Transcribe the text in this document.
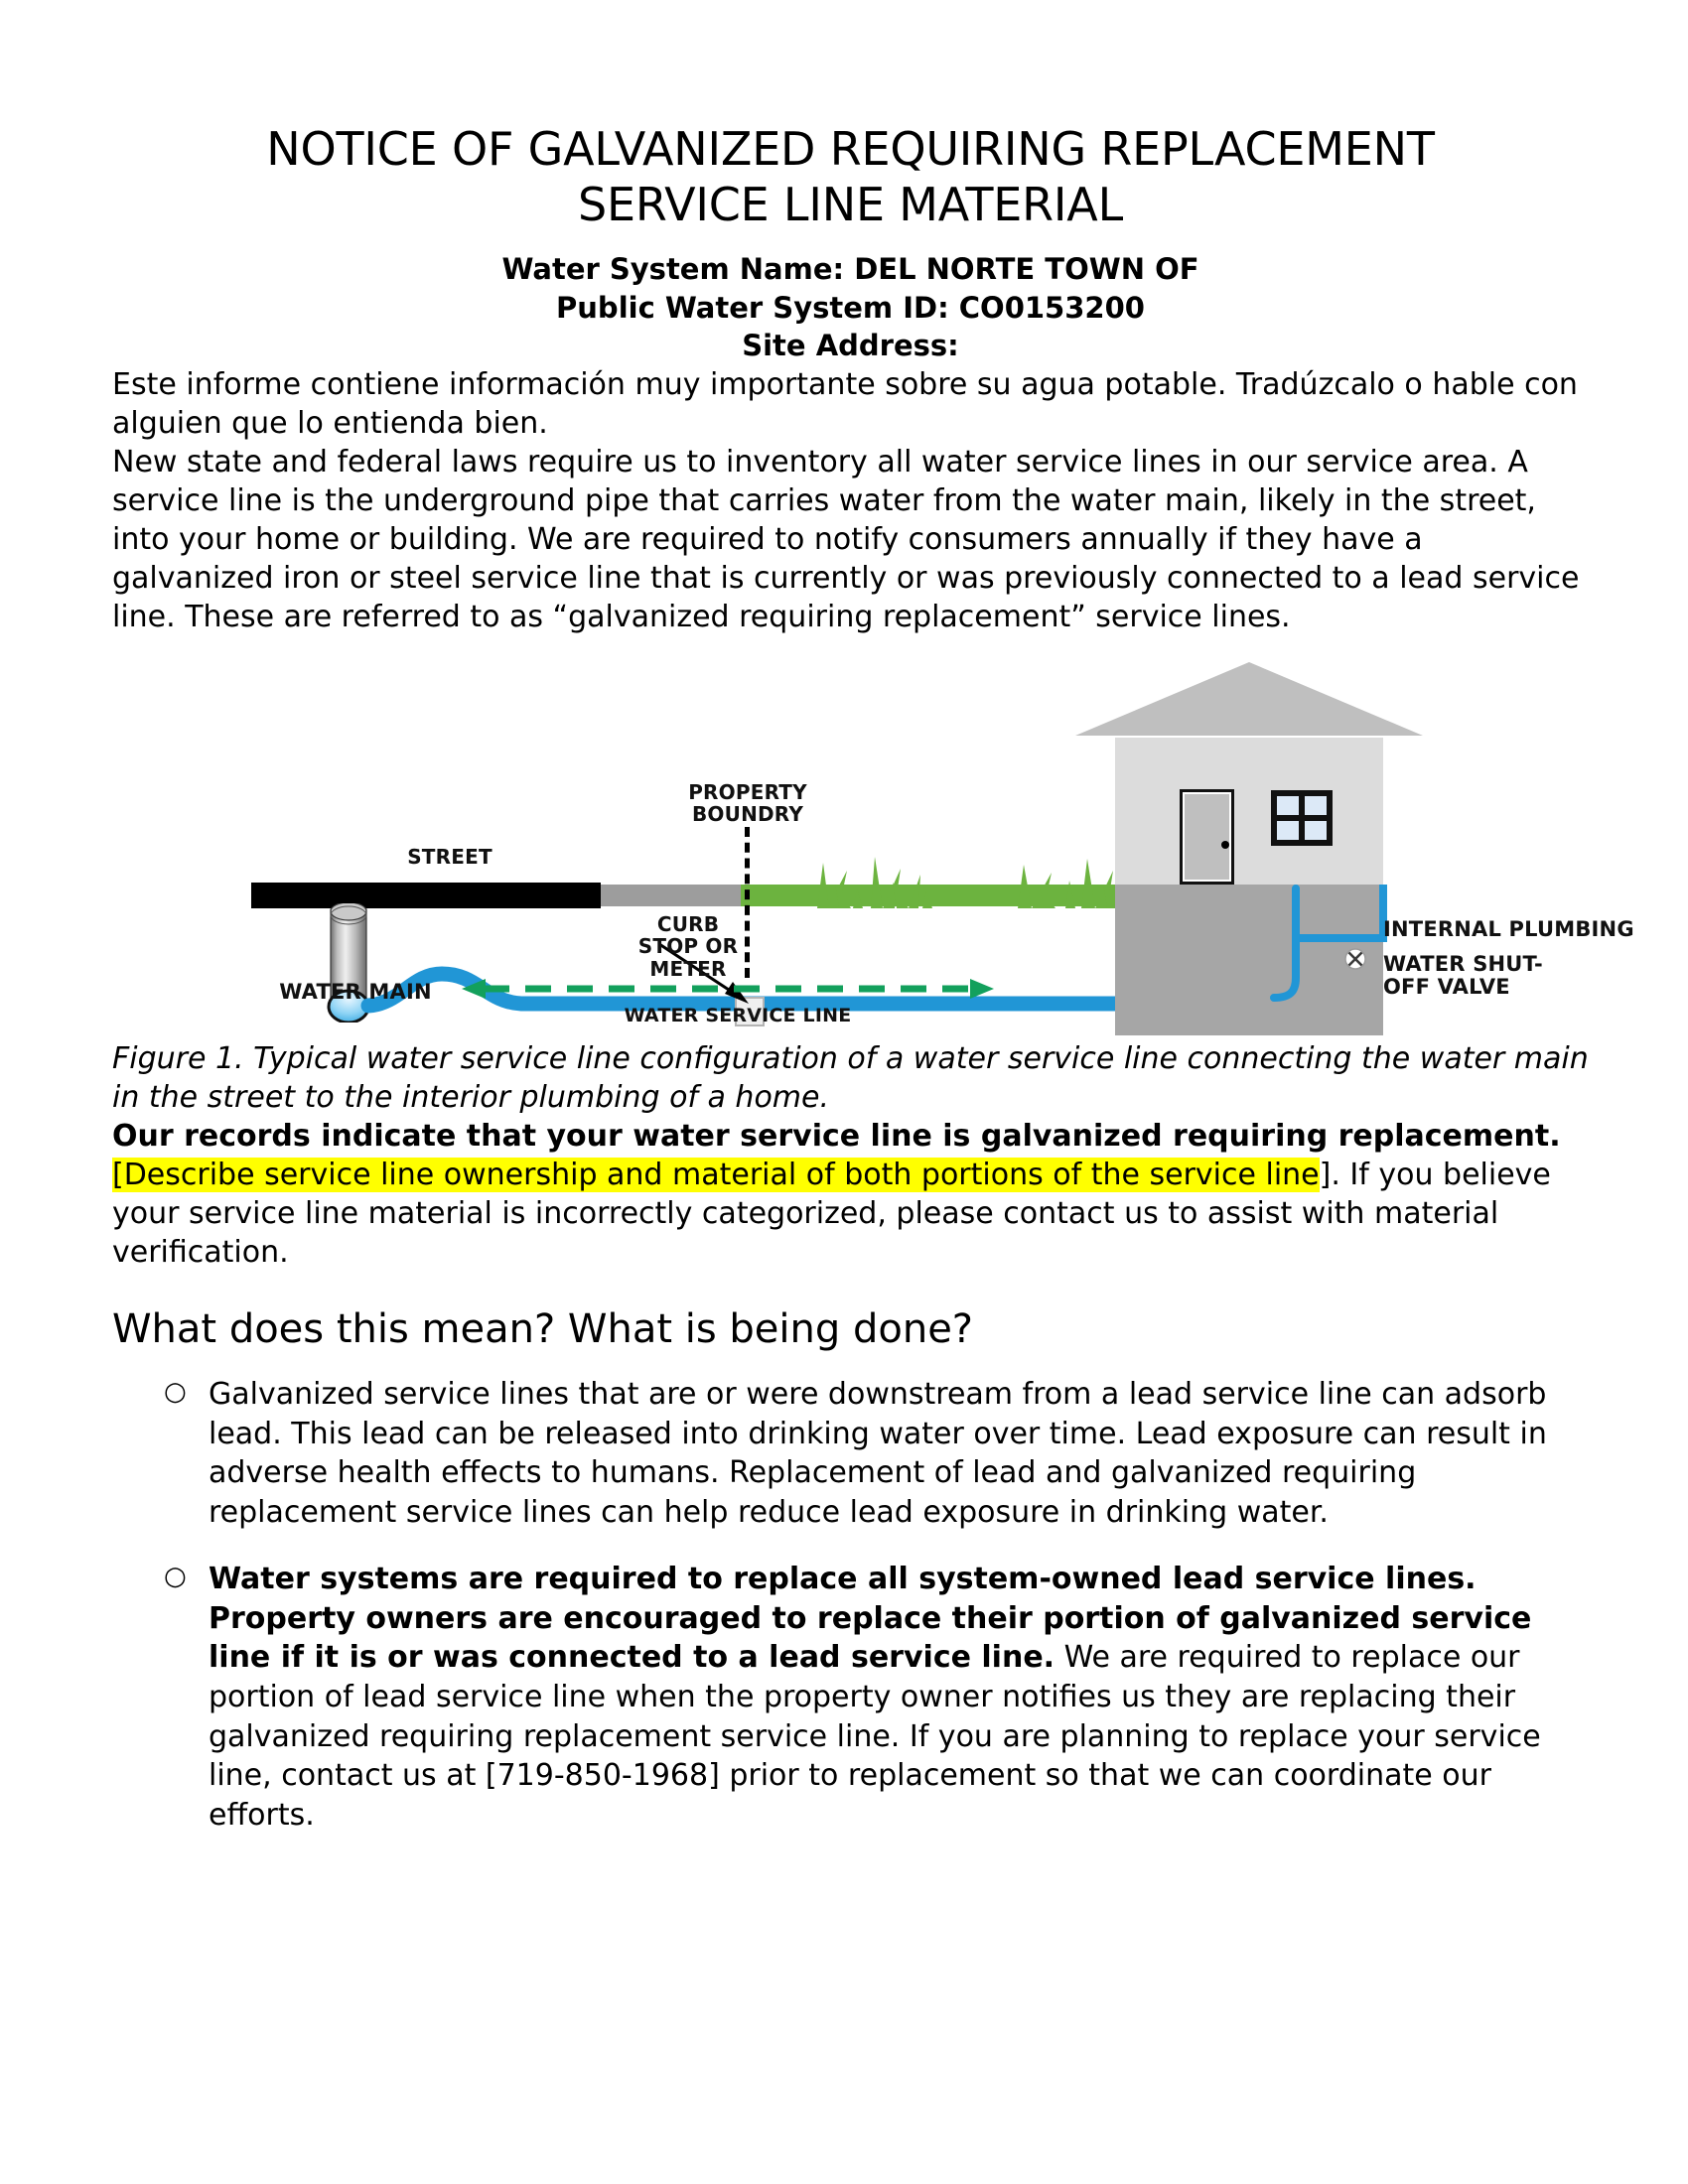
NOTICE OF GALVANIZED REQUIRING REPLACEMENT
SERVICE LINE MATERIAL
Water System Name: DEL NORTE TOWN OF
Public Water System ID: CO0153200
Site Address:

Este informe contiene información muy importante sobre su agua potable. Tradúzcalo o hable con alguien que lo entienda bien.

New state and federal laws require us to inventory all water service lines in our service area. A service line is the underground pipe that carries water from the water main, likely in the street, into your home or building. We are required to notify consumers annually if they have a galvanized iron or steel service line that is currently or was previously connected to a lead service line. These are referred to as “galvanized requiring replacement” service lines.

STREET
PROPERTY
BOUNDRY
CURB
STOP OR
METER
WATER MAIN
WATER SERVICE LINE
INTERNAL PLUMBING
WATER SHUT-
OFF VALVE

Figure 1. Typical water service line configuration of a water service line connecting the water main in the street to the interior plumbing of a home.

Our records indicate that your water service line is galvanized requiring replacement.
[Describe service line ownership and material of both portions of the service line]. If you believe your service line material is incorrectly categorized, please contact us to assist with material verification.

What does this mean? What is being done?
○ Galvanized service lines that are or were downstream from a lead service line can adsorb lead. This lead can be released into drinking water over time. Lead exposure can result in adverse health effects to humans. Replacement of lead and galvanized requiring replacement service lines can help reduce lead exposure in drinking water.
○ Water systems are required to replace all system-owned lead service lines. Property owners are encouraged to replace their portion of galvanized service line if it is or was connected to a lead service line. We are required to replace our portion of lead service line when the property owner notifies us they are replacing their galvanized requiring replacement service line. If you are planning to replace your service line, contact us at [719-850-1968] prior to replacement so that we can coordinate our efforts.
